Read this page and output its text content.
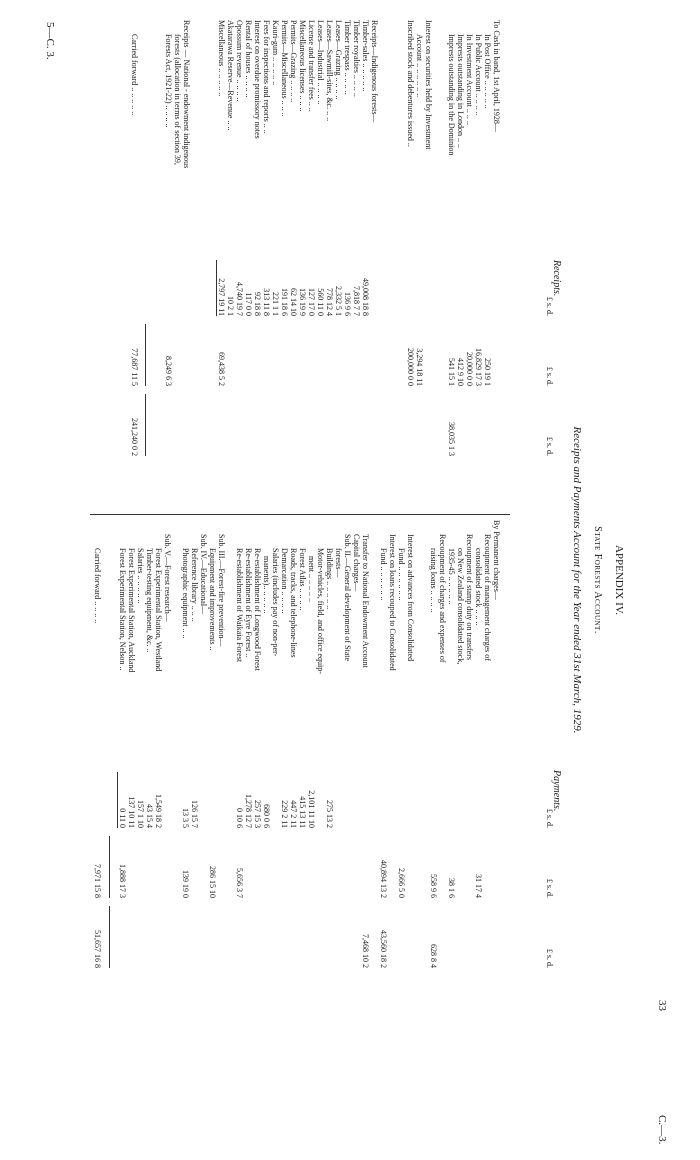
33
C.—3.
5—C. 3.
APPENDIX IV.
State Forests Account.
Receipts and Payments Account for the Year ended 31st March, 1929.
Receipts.
Payments.
£ s. d.
£ s. d.
£ s. d.
£ s. d.
£ s. d.
£ s. d.
To Cash in band, 1st April, 1928—
In Post Office .. .. .. .. ..
250 19 1
In Public Account .. .. .. ..
16,829 17 3
In Investment Account .. .. ..
20,000 0 0
Imprests outstanding in London .. ..
412 9 10
Imprests outstanding in the Dominion
541 15 1
38,035 1 3
Interest on securities held by Investment
Account .. .. .. .. .. ..
3,294 18 11
Inscribed stock and debentures issued ..
200,000 0 0
Receipts—Indigenous forests—
Timber-sales .. .. .. .. ..
49,008 18 8
Timber royalties .. .. .. ..
7,818 7 7
Timber trespass .. .. .. ..
136 9 6
Leases—Grazing .. .. .. ..
2,332 5 1
Leases—Sawmill-sites, &c. .. ..
778 12 4
Leases—Industrial .. .. .. ..
560 11 0
License and transfer fees .. ..
127 17 0
Miscellaneous licenses .. .. ..
136 19 9
Permits—Grazing .. .. .. ..
62 14 10
Permits—Miscellaneous .. .. ..
191 18 6
Kauri-gum .. .. .. .. ..
221 1 1
Fees for inspections and reports .. ..
313 11 8
Interest on overdue promissory notes
92 18 8
Rental of houses .. .. .. ..
117 0 0
Opossum revenue .. .. .. ..
4,740 19 7
Akatarawa Reserve—Revenue .. ..
10 2 1
Miscellaneous .. .. .. .. ..
2,797 19 11
69,438 5 2
Receipts — National - endowment indigenous
forests (allocation in terms of section 39,
Forests Act, 1921-22) .. .. .. ..
8,249 6 3
Carried forward .. .. .. .. ..
77,687 11 5
241,240 0 2
By Permanent charges—
Recoupment of management charges of
consolidated stock .. .. ..
31 17 4
Recoupment of stamp duty on transfers
on New Zealand consolidated stock,
1935-45 .. .. .. .. ..
38 1 6
Recoupment of charges and expenses of
raising loans .. .. .. ..
558 9 6
628 8 4
Interest on advances from Consolidated
Fund .. .. .. .. .. ..
2,666 5 0
Interest on loans recouped to Consolidated
Fund .. .. .. .. .. ..
40,894 13 2
43,560 18 2
Transfer to National Endowment Account
7,468 10 2
Capital charges—
Sub. II.—General development of State
forests—
Buildings .. .. .. .. ..
275 13 2
Motor-vehicles, field, and office equip-
ment .. .. .. .. ..
2,101 11 10
Forest Atlas .. .. .. ..
415 13 11
Roads, tracks, and telephone-lines
447 2 11
Demarcation .. .. .. ..
229 2 11
Salaries (includes pay of non-per-
manents).. .. .. .. ..
680 0 6
Re-establishment of Longwood Forest
257 15 3
Re-establishment of Eyre Forest ..
1,278 12 7
Re-establishment of Waikaia Forest
0 10 6
5,656 3 7
Sub. III.—Forest-fire prevention—
Equipment and improvements ..
286 15 10
Sub. IV.—Educational—
Reference library .. .. ..
126 15 7
Photographic equipment .. ..
13 3 5
139 19 0
Sub. V.—Forest research—
Forest Experimental Station, Westland
1,549 18 2
Timber-testing equipment, &c. ..
43 15 4
Salaries .. .. .. .. ..
157 1 10
Forest Experimental Station, Auckland
137 10 11
Forest Experimental Station, Nelson ..
0 11 0
1,888 17 3
Carried forward .. .. .. ..
7,971 15 8
51,657 16 8
